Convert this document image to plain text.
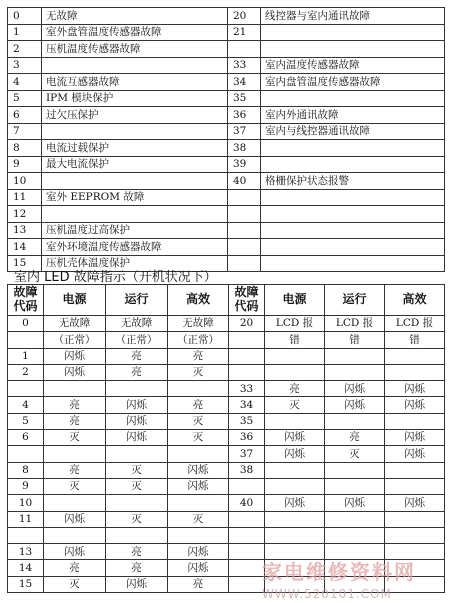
0	无故障	20	线控器与室内通讯故障
1	室外盘管温度传感器故障	21	
2	压机温度传感器故障		
3		33	室内温度传感器故障
4	电流互感器故障	34	室内盘管温度传感器故障
5	IPM 模块保护	35	
6	过欠压保护	36	室内外通讯故障
7		37	室内与线控器通讯故障
8	电流过载保护	38	
9	最大电流保护	39	
10		40	格栅保护状态报警
11	室外 EEPROM 故障		
12			
13	压机温度过高保护		
14	室外环境温度传感器故障		
15	压机壳体温度保护		
室内 LED 故障指示（开机状况下）
故障代码	电源	运行	高效	故障代码	电源	运行	高效
0	无故障	无故障	无故障	20	LCD 报	LCD 报	LCD 报
	（正常）	（正常）	（正常）		错	错	错
1	闪烁	亮	亮				
2	闪烁	亮	灭				
				33	亮	闪烁	闪烁
4	亮	闪烁	亮	34	灭	闪烁	闪烁
5	亮	闪烁	灭	35			
6	灭	闪烁	灭	36	闪烁	亮	闪烁
				37	闪烁	灭	闪烁
8	亮	灭	闪烁	38			
9	灭	灭	闪烁				
10				40	闪烁	闪烁	闪烁
11	闪烁	灭	灭				

13	闪烁	亮	闪烁				
14	亮	亮	闪烁				
15	灭	闪烁	亮				
家电维修资料网
WWW.520101.COM
